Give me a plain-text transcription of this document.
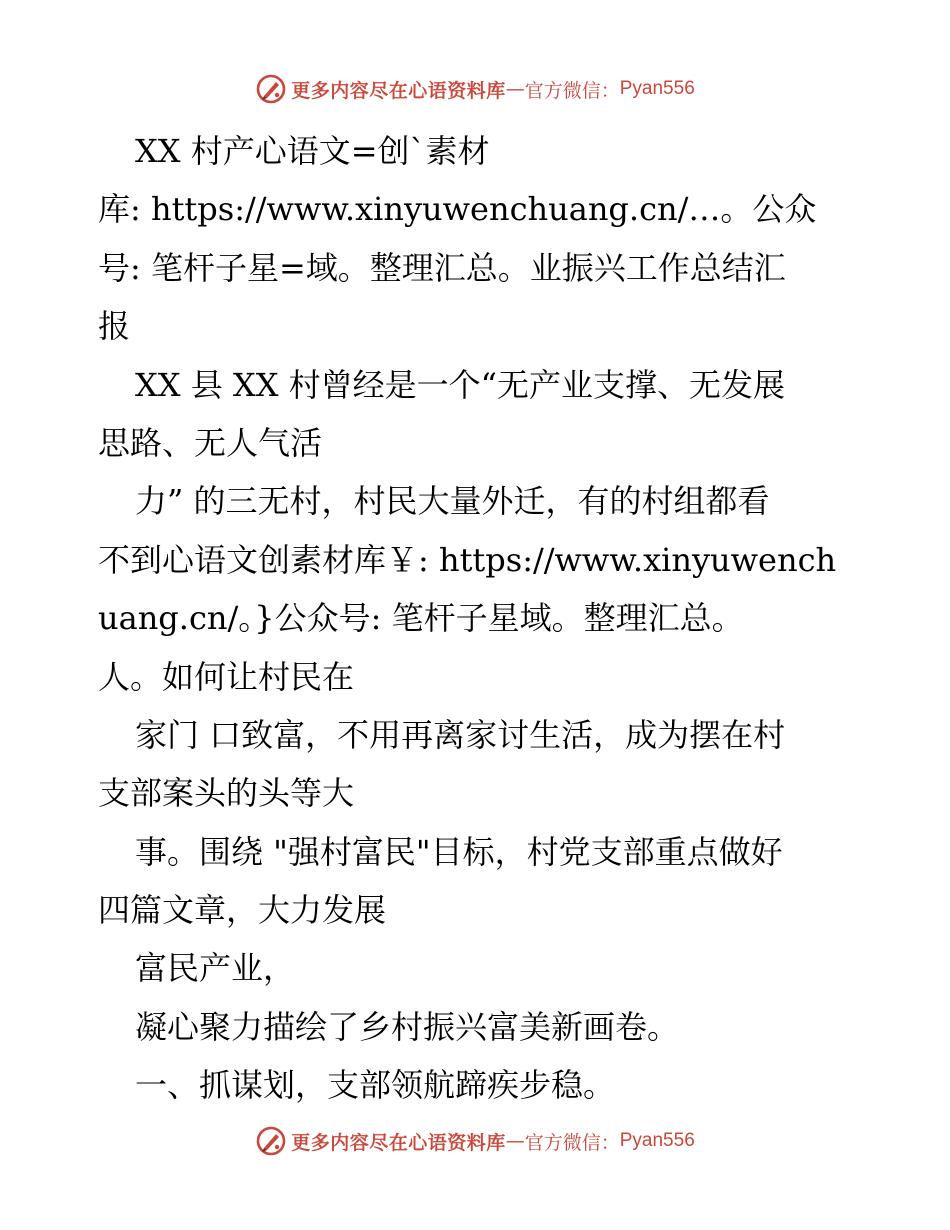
更多内容尽在心语资料库 — 官方微信： Pyan556
XX 村产心语文=创ˋ素材
库: https://www.xinyuwenchuang.cn/…。公众
号: 笔杆子星=域。整理汇总。业振兴工作总结汇
报
XX 县 XX 村曾经是一个“无产业支撑、无发展
思路、无人气活
力” 的三无村，村民大量外迁，有的村组都看
不到心语文创素材库￥: https://www.xinyuwench
uang.cn/。}公众号: 笔杆子星域。整理汇总。
人。如何让村民在
家门 口致富，不用再离家讨生活，成为摆在村
支部案头的头等大
事。围绕 "强村富民"目标，村党支部重点做好
四篇文章，大力发展
富民产业，
凝心聚力描绘了乡村振兴富美新画卷。
一、抓谋划，支部领航蹄疾步稳。
更多内容尽在心语资料库 — 官方微信： Pyan556
